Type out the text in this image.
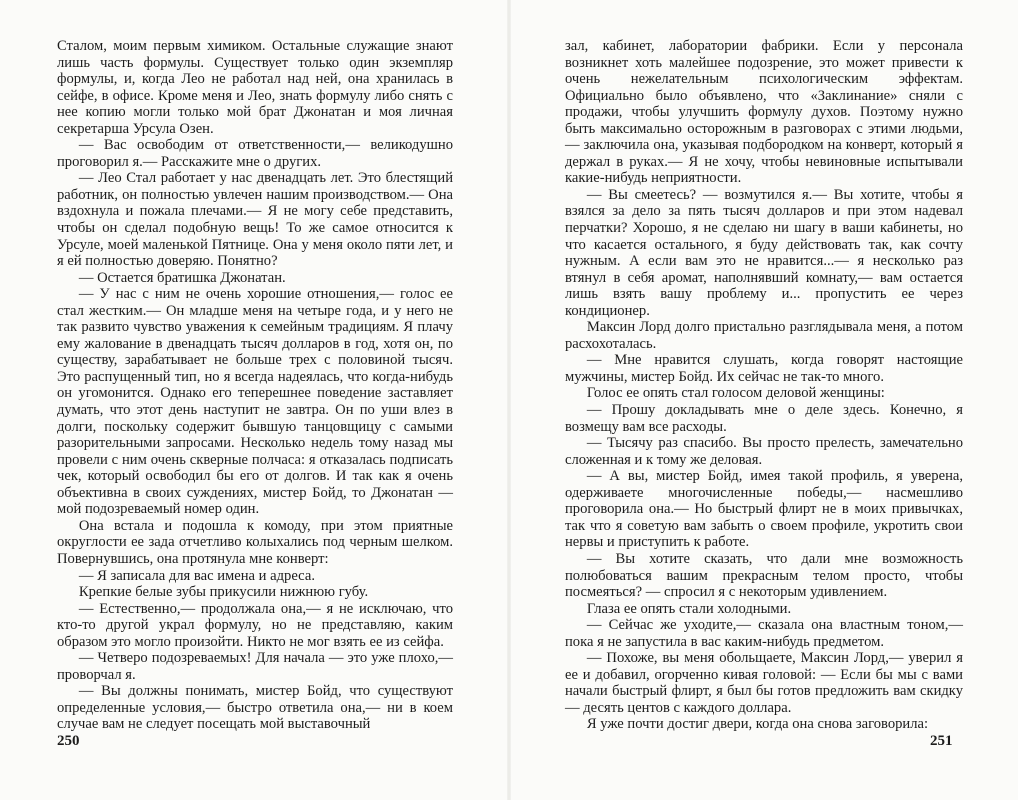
Сталом, моим первым химиком. Остальные служащие знают лишь часть формулы. Существует только один экземпляр формулы, и, когда Лео не работал над ней, она хранилась в сейфе, в офисе. Кроме меня и Лео, знать формулу либо снять с нее копию могли только мой брат Джонатан и моя личная секретарша Урсула Озен.

— Вас освободим от ответственности,— великодушно проговорил я.— Расскажите мне о других.

— Лео Стал работает у нас двенадцать лет. Это блестящий работник, он полностью увлечен нашим производством.— Она вздохнула и пожала плечами.— Я не могу себе представить, чтобы он сделал подобную вещь! То же самое относится к Урсуле, моей маленькой Пятнице. Она у меня около пяти лет, и я ей полностью доверяю. Понятно?

— Остается братишка Джонатан.

— У нас с ним не очень хорошие отношения,— голос ее стал жестким.— Он младше меня на четыре года, и у него не так развито чувство уважения к семейным традициям. Я плачу ему жалование в двенадцать тысяч долларов в год, хотя он, по существу, зарабатывает не больше трех с половиной тысяч. Это распущенный тип, но я всегда надеялась, что когда-нибудь он угомонится. Однако его теперешнее поведение заставляет думать, что этот день наступит не завтра. Он по уши влез в долги, поскольку содержит бывшую танцовщицу с самыми разорительными запросами. Несколько недель тому назад мы провели с ним очень скверные полчаса: я отказалась подписать чек, который освободил бы его от долгов. И так как я очень объективна в своих суждениях, мистер Бойд, то Джонатан — мой подозреваемый номер один.

Она встала и подошла к комоду, при этом приятные округлости ее зада отчетливо колыхались под черным шелком. Повернувшись, она протянула мне конверт:

— Я записала для вас имена и адреса.

Крепкие белые зубы прикусили нижнюю губу.

— Естественно,— продолжала она,— я не исключаю, что кто-то другой украл формулу, но не представляю, каким образом это могло произойти. Никто не мог взять ее из сейфа.

— Четверо подозреваемых! Для начала — это уже плохо,— проворчал я.

— Вы должны понимать, мистер Бойд, что существуют определенные условия,— быстро ответила она,— ни в коем случае вам не следует посещать мой выставочный

250

зал, кабинет, лаборатории фабрики. Если у персонала возникнет хоть малейшее подозрение, это может привести к очень нежелательным психологическим эффектам. Официально было объявлено, что «Заклинание» сняли с продажи, чтобы улучшить формулу духов. Поэтому нужно быть максимально осторожным в разговорах с этими людьми,— заключила она, указывая подбородком на конверт, который я держал в руках.— Я не хочу, чтобы невиновные испытывали какие-нибудь неприятности.

— Вы смеетесь? — возмутился я.— Вы хотите, чтобы я взялся за дело за пять тысяч долларов и при этом надевал перчатки? Хорошо, я не сделаю ни шагу в ваши кабинеты, но что касается остального, я буду действовать так, как сочту нужным. А если вам это не нравится...— я несколько раз втянул в себя аромат, наполнявший комнату,— вам остается лишь взять вашу проблему и... пропустить ее через кондиционер.

Максин Лорд долго пристально разглядывала меня, а потом расхохоталась.

— Мне нравится слушать, когда говорят настоящие мужчины, мистер Бойд. Их сейчас не так-то много.

Голос ее опять стал голосом деловой женщины:

— Прошу докладывать мне о деле здесь. Конечно, я возмещу вам все расходы.

— Тысячу раз спасибо. Вы просто прелесть, замечательно сложенная и к тому же деловая.

— А вы, мистер Бойд, имея такой профиль, я уверена, одерживаете многочисленные победы,— насмешливо проговорила она.— Но быстрый флирт не в моих привычках, так что я советую вам забыть о своем профиле, укротить свои нервы и приступить к работе.

— Вы хотите сказать, что дали мне возможность полюбоваться вашим прекрасным телом просто, чтобы посмеяться? — спросил я с некоторым удивлением.

Глаза ее опять стали холодными.

— Сейчас же уходите,— сказала она властным тоном,— пока я не запустила в вас каким-нибудь предметом.

— Похоже, вы меня обольщаете, Максин Лорд,— уверил я ее и добавил, огорченно кивая головой: — Если бы мы с вами начали быстрый флирт, я был бы готов предложить вам скидку — десять центов с каждого доллара.

Я уже почти достиг двери, когда она снова заговорила:

251
